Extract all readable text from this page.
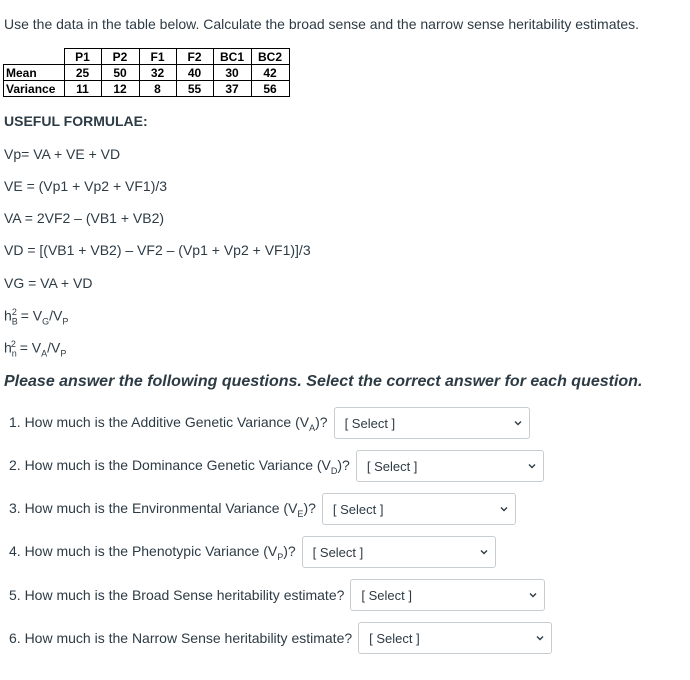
Use the data in the table below. Calculate the broad sense and the narrow sense heritability estimates.
	P1	P2	F1	F2	BC1	BC2
Mean	25	50	32	40	30	42
Variance	11	12	8	55	37	56
USEFUL FORMULAE:
Vp= VA + VE + VD
VE = (Vp1 + Vp2 + VF1)/3
VA = 2VF2 – (VB1 + VB2)
VD = [(VB1 + VB2) – VF2 – (Vp1 + Vp2 + VF1)]/3
VG = VA + VD
$h_B^2 = V_G/V_P$
$h_n^2 = V_A/V_P$
Please answer the following questions. Select the correct answer for each question.
1. How much is the Additive Genetic Variance $(V_A)$? [ Select ]
2. How much is the Dominance Genetic Variance $(V_D)$? [ Select ]
3. How much is the Environmental Variance $(V_E)$? [ Select ]
4. How much is the Phenotypic Variance $(V_P)$? [ Select ]
5. How much is the Broad Sense heritability estimate? [ Select ]
6. How much is the Narrow Sense heritability estimate? [ Select ]
